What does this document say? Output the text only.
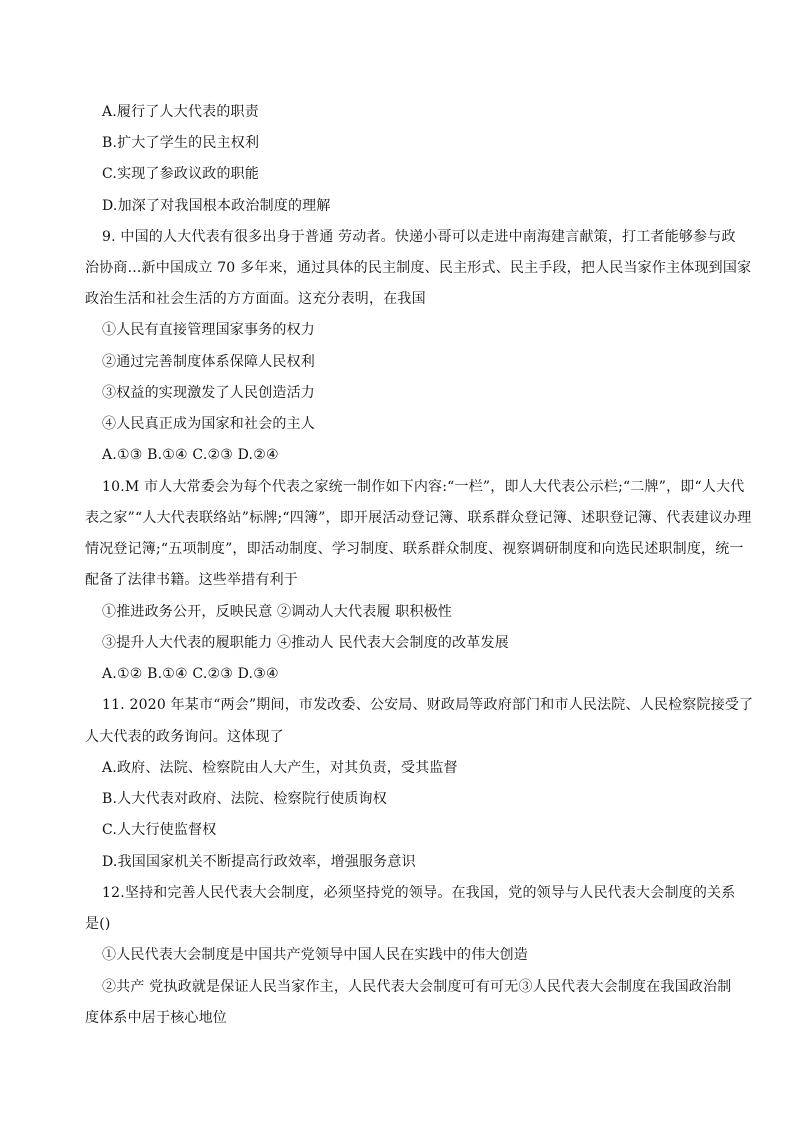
A.履行了人大代表的职责
B.扩大了学生的民主权利
C.实现了参政议政的职能
D.加深了对我国根本政治制度的理解
9. 中国的人大代表有很多出身于普通 劳动者。快递小哥可以走进中南海建言献策，打工者能够参与政
治协商...新中国成立 70 多年来，通过具体的民主制度、民主形式、民主手段，把人民当家作主体现到国家
政治生活和社会生活的方方面面。这充分表明，在我国
①人民有直接管理国家事务的权力
②通过完善制度体系保障人民权利
③权益的实现激发了人民创造活力
④人民真正成为国家和社会的主人
A.①③ B.①④ C.②③ D.②④
10.M 市人大常委会为每个代表之家统一制作如下内容:“一栏”，即人大代表公示栏;“二牌”，即“人大代
表之家”“人大代表联络站”标牌;“四簿”，即开展活动登记簿、联系群众登记簿、述职登记簿、代表建议办理
情况登记簿;“五项制度”，即活动制度、学习制度、联系群众制度、视察调研制度和向选民述职制度，统一
配备了法律书籍。这些举措有利于
①推进政务公开，反映民意 ②调动人大代表履 职积极性
③提升人大代表的履职能力 ④推动人 民代表大会制度的改革发展
A.①② B.①④ C.②③ D.③④
11. 2020 年某市“两会”期间，市发改委、公安局、财政局等政府部门和市人民法院、人民检察院接受了
人大代表的政务询问。这体现了
A.政府、法院、检察院由人大产生，对其负责，受其监督
B.人大代表对政府、法院、检察院行使质询权
C.人大行使监督权
D.我国国家机关不断提高行政效率，增强服务意识
12.坚持和完善人民代表大会制度，必须坚持党的领导。在我国，党的领导与人民代表大会制度的关系
是()
①人民代表大会制度是中国共产党领导中国人民在实践中的伟大创造
②共产 党执政就是保证人民当家作主，人民代表大会制度可有可无③人民代表大会制度在我国政治制
度体系中居于核心地位
